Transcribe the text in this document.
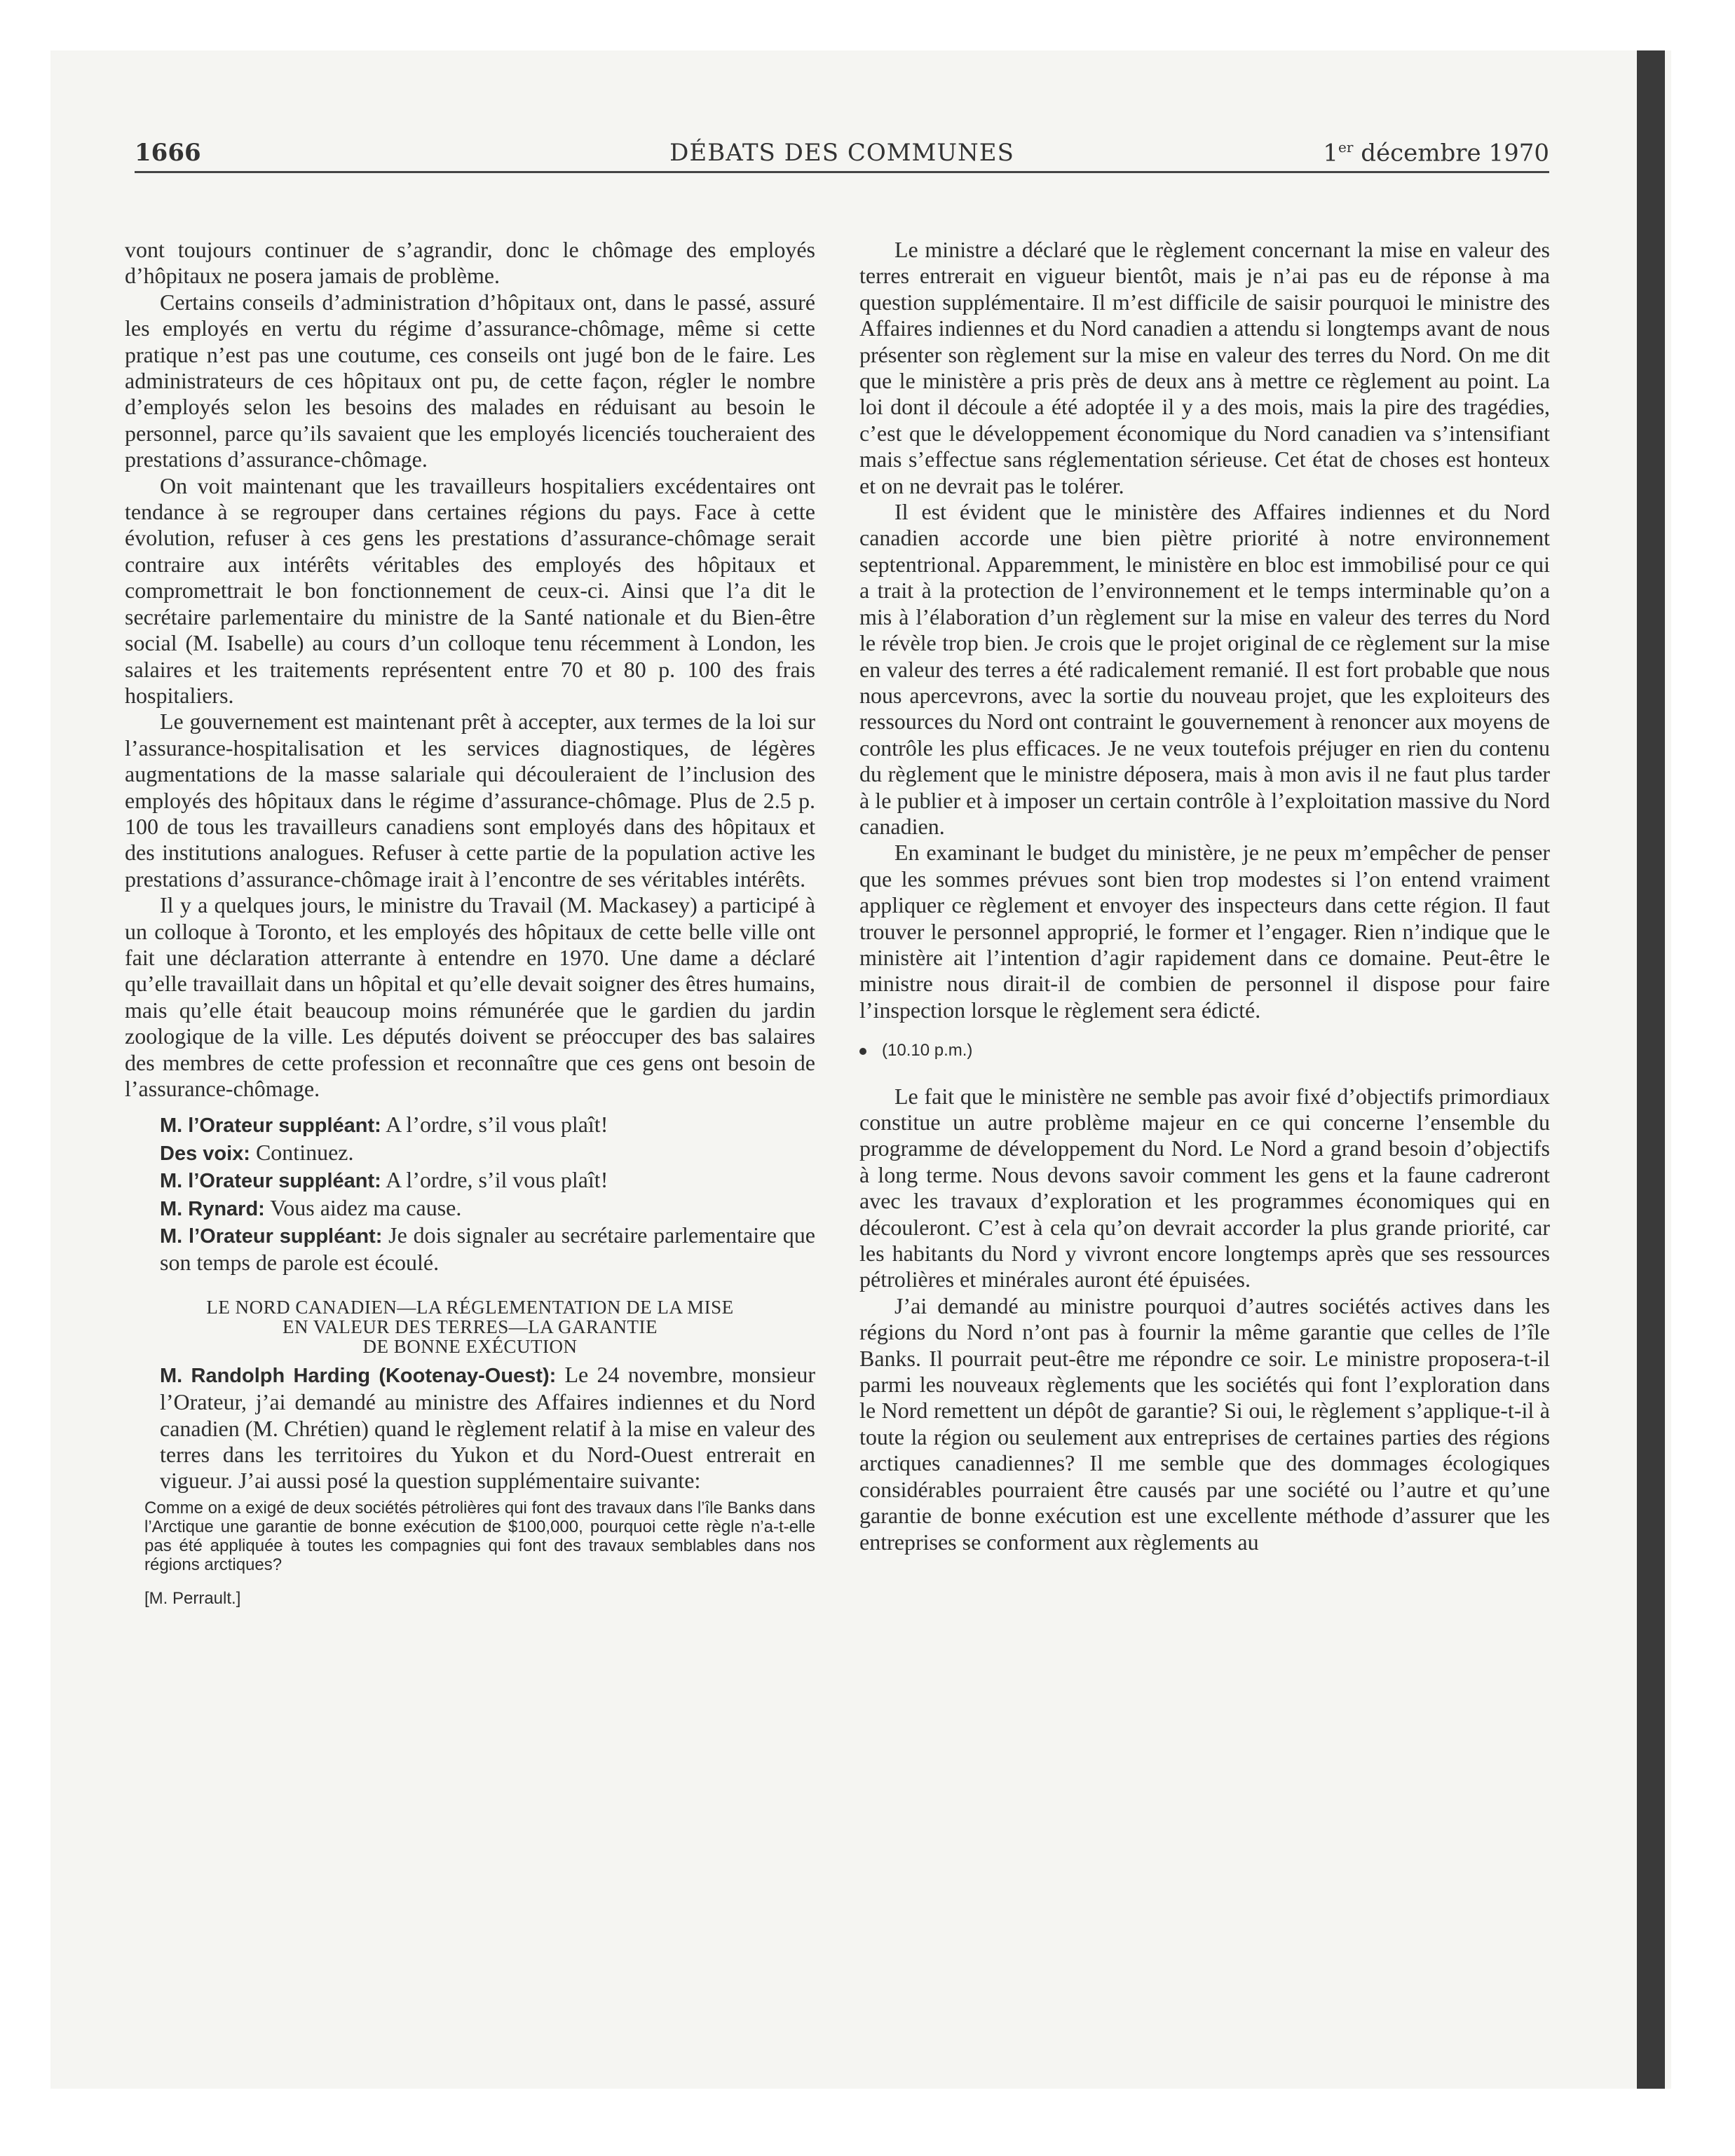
1666	DÉBATS DES COMMUNES	1er décembre 1970

vont toujours continuer de s’agrandir, donc le chômage des employés d’hôpitaux ne posera jamais de problème.

Certains conseils d’administration d’hôpitaux ont, dans le passé, assuré les employés en vertu du régime d’assurance-chômage, même si cette pratique n’est pas une coutume, ces conseils ont jugé bon de le faire. Les administrateurs de ces hôpitaux ont pu, de cette façon, régler le nombre d’employés selon les besoins des malades en réduisant au besoin le personnel, parce qu’ils savaient que les employés licenciés toucheraient des prestations d’assurance-chômage.

On voit maintenant que les travailleurs hospitaliers excédentaires ont tendance à se regrouper dans certaines régions du pays. Face à cette évolution, refuser à ces gens les prestations d’assurance-chômage serait contraire aux intérêts véritables des employés des hôpitaux et compromettrait le bon fonctionnement de ceux-ci. Ainsi que l’a dit le secrétaire parlementaire du ministre de la Santé nationale et du Bien-être social (M. Isabelle) au cours d’un colloque tenu récemment à London, les salaires et les traitements représentent entre 70 et 80 p. 100 des frais hospitaliers.

Le gouvernement est maintenant prêt à accepter, aux termes de la loi sur l’assurance-hospitalisation et les services diagnostiques, de légères augmentations de la masse salariale qui découleraient de l’inclusion des employés des hôpitaux dans le régime d’assurance-chômage. Plus de 2.5 p. 100 de tous les travailleurs canadiens sont employés dans des hôpitaux et des institutions analogues. Refuser à cette partie de la population active les prestations d’assurance-chômage irait à l’encontre de ses véritables intérêts.

Il y a quelques jours, le ministre du Travail (M. Mackasey) a participé à un colloque à Toronto, et les employés des hôpitaux de cette belle ville ont fait une déclaration atterrante à entendre en 1970. Une dame a déclaré qu’elle travaillait dans un hôpital et qu’elle devait soigner des êtres humains, mais qu’elle était beaucoup moins rémunérée que le gardien du jardin zoologique de la ville. Les députés doivent se préoccuper des bas salaires des membres de cette profession et reconnaître que ces gens ont besoin de l’assurance-chômage.

M. l’Orateur suppléant: A l’ordre, s’il vous plaît!

Des voix: Continuez.

M. l’Orateur suppléant: A l’ordre, s’il vous plaît!

M. Rynard: Vous aidez ma cause.

M. l’Orateur suppléant: Je dois signaler au secrétaire parlementaire que son temps de parole est écoulé.

LE NORD CANADIEN—LA RÉGLEMENTATION DE LA MISE
EN VALEUR DES TERRES—LA GARANTIE
DE BONNE EXÉCUTION

M. Randolph Harding (Kootenay-Ouest): Le 24 novembre, monsieur l’Orateur, j’ai demandé au ministre des Affaires indiennes et du Nord canadien (M. Chrétien) quand le règlement relatif à la mise en valeur des terres dans les territoires du Yukon et du Nord-Ouest entrerait en vigueur. J’ai aussi posé la question supplémentaire suivante:

Comme on a exigé de deux sociétés pétrolières qui font des travaux dans l’île Banks dans l’Arctique une garantie de bonne exécution de $100,000, pourquoi cette règle n’a-t-elle pas été appliquée à toutes les compagnies qui font des travaux semblables dans nos régions arctiques?

[M. Perrault.]

Le ministre a déclaré que le règlement concernant la mise en valeur des terres entrerait en vigueur bientôt, mais je n’ai pas eu de réponse à ma question supplémentaire. Il m’est difficile de saisir pourquoi le ministre des Affaires indiennes et du Nord canadien a attendu si longtemps avant de nous présenter son règlement sur la mise en valeur des terres du Nord. On me dit que le ministère a pris près de deux ans à mettre ce règlement au point. La loi dont il découle a été adoptée il y a des mois, mais la pire des tragédies, c’est que le développement économique du Nord canadien va s’intensifiant mais s’effectue sans réglementation sérieuse. Cet état de choses est honteux et on ne devrait pas le tolérer.

Il est évident que le ministère des Affaires indiennes et du Nord canadien accorde une bien piètre priorité à notre environnement septentrional. Apparemment, le ministère en bloc est immobilisé pour ce qui a trait à la protection de l’environnement et le temps interminable qu’on a mis à l’élaboration d’un règlement sur la mise en valeur des terres du Nord le révèle trop bien. Je crois que le projet original de ce règlement sur la mise en valeur des terres a été radicalement remanié. Il est fort probable que nous nous apercevrons, avec la sortie du nouveau projet, que les exploiteurs des ressources du Nord ont contraint le gouvernement à renoncer aux moyens de contrôle les plus efficaces. Je ne veux toutefois préjuger en rien du contenu du règlement que le ministre déposera, mais à mon avis il ne faut plus tarder à le publier et à imposer un certain contrôle à l’exploitation massive du Nord canadien.

En examinant le budget du ministère, je ne peux m’empêcher de penser que les sommes prévues sont bien trop modestes si l’on entend vraiment appliquer ce règlement et envoyer des inspecteurs dans cette région. Il faut trouver le personnel approprié, le former et l’engager. Rien n’indique que le ministère ait l’intention d’agir rapidement dans ce domaine. Peut-être le ministre nous dirait-il de combien de personnel il dispose pour faire l’inspection lorsque le règlement sera édicté.

(10.10 p.m.)

Le fait que le ministère ne semble pas avoir fixé d’objectifs primordiaux constitue un autre problème majeur en ce qui concerne l’ensemble du programme de développement du Nord. Le Nord a grand besoin d’objectifs à long terme. Nous devons savoir comment les gens et la faune cadreront avec les travaux d’exploration et les programmes économiques qui en découleront. C’est à cela qu’on devrait accorder la plus grande priorité, car les habitants du Nord y vivront encore longtemps après que ses ressources pétrolières et minérales auront été épuisées.

J’ai demandé au ministre pourquoi d’autres sociétés actives dans les régions du Nord n’ont pas à fournir la même garantie que celles de l’île Banks. Il pourrait peut-être me répondre ce soir. Le ministre proposera-t-il parmi les nouveaux règlements que les sociétés qui font l’exploration dans le Nord remettent un dépôt de garantie? Si oui, le règlement s’applique-t-il à toute la région ou seulement aux entreprises de certaines parties des régions arctiques canadiennes? Il me semble que des dommages écologiques considérables pourraient être causés par une société ou l’autre et qu’une garantie de bonne exécution est une excellente méthode d’assurer que les entreprises se conforment aux règlements au
